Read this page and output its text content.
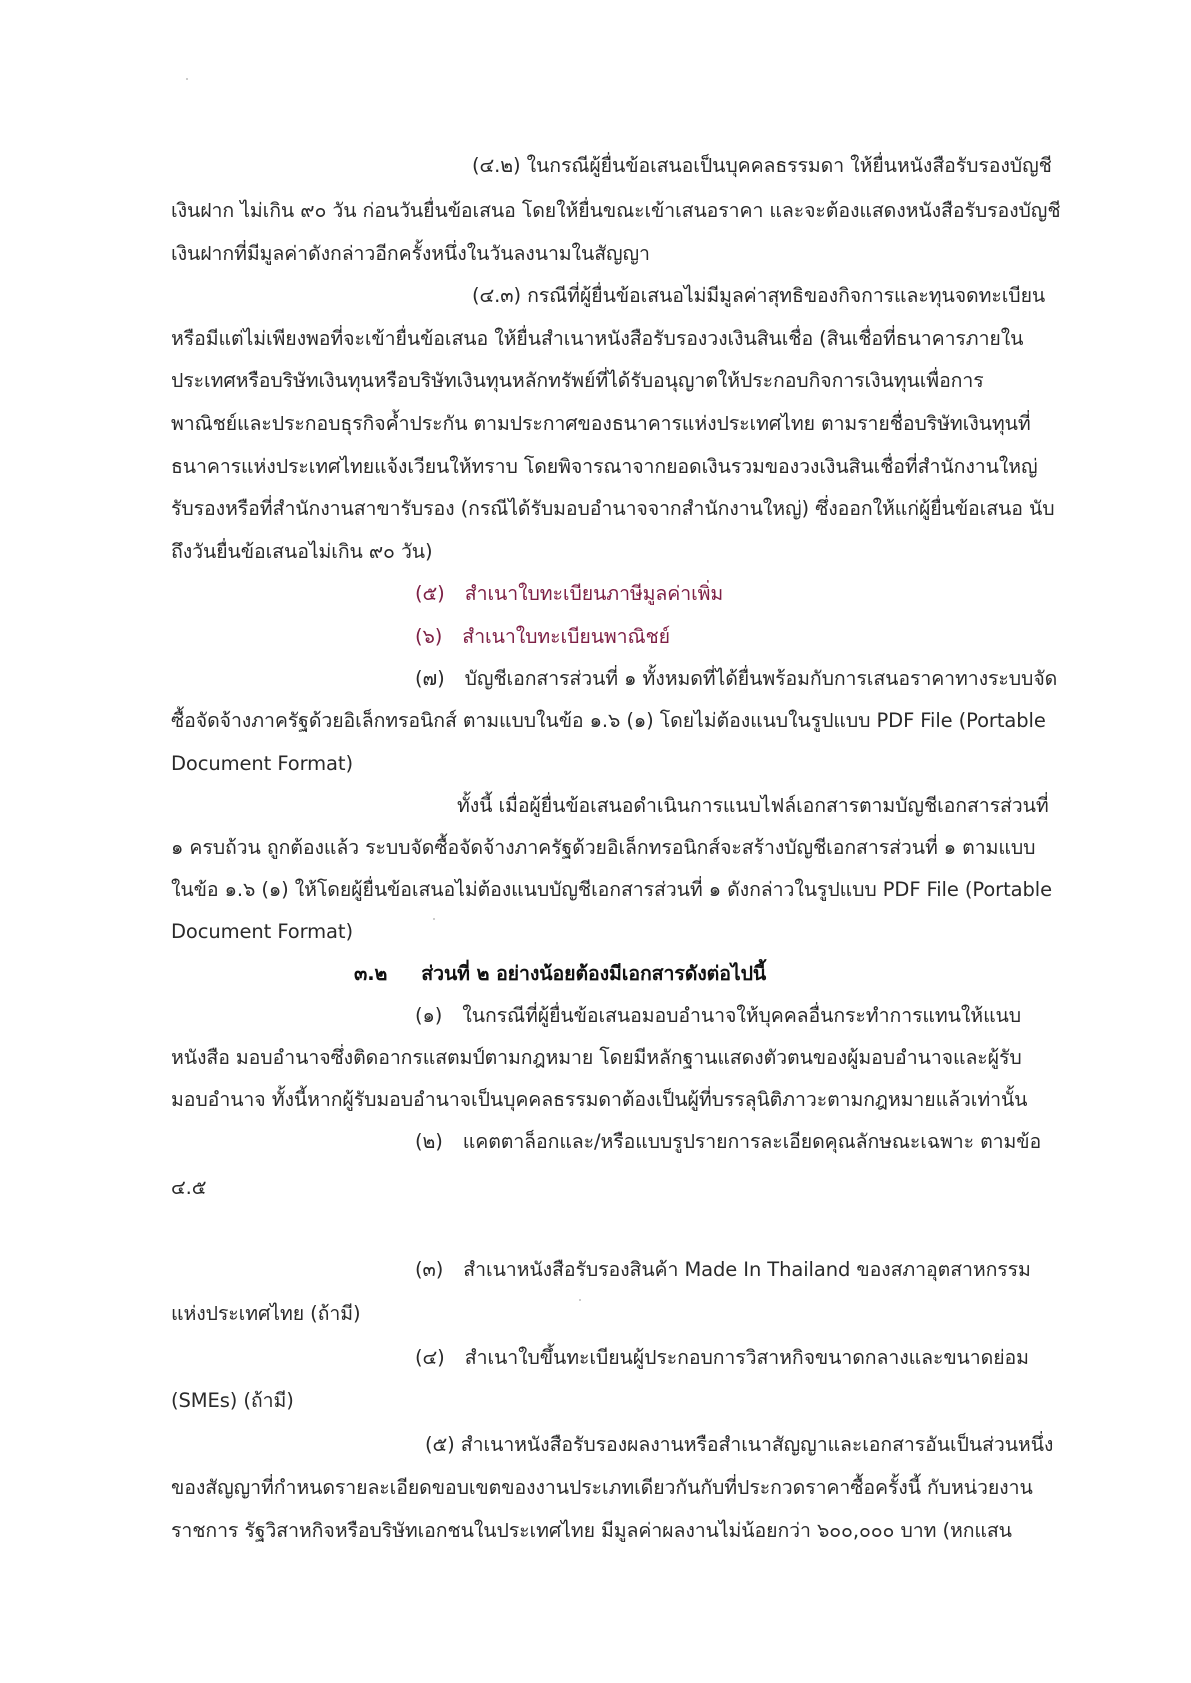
(๔.๒) ในกรณีผู้ยื่นข้อเสนอเป็นบุคคลธรรมดา ให้ยื่นหนังสือรับรองบัญชี
เงินฝาก ไม่เกิน ๙๐ วัน ก่อนวันยื่นข้อเสนอ โดยให้ยื่นขณะเข้าเสนอราคา และจะต้องแสดงหนังสือรับรองบัญชี
เงินฝากที่มีมูลค่าดังกล่าวอีกครั้งหนึ่งในวันลงนามในสัญญา
(๔.๓) กรณีที่ผู้ยื่นข้อเสนอไม่มีมูลค่าสุทธิของกิจการและทุนจดทะเบียน
หรือมีแต่ไม่เพียงพอที่จะเข้ายื่นข้อเสนอ ให้ยื่นสำเนาหนังสือรับรองวงเงินสินเชื่อ (สินเชื่อที่ธนาคารภายใน
ประเทศหรือบริษัทเงินทุนหรือบริษัทเงินทุนหลักทรัพย์ที่ได้รับอนุญาตให้ประกอบกิจการเงินทุนเพื่อการ
พาณิชย์และประกอบธุรกิจค้ำประกัน ตามประกาศของธนาคารแห่งประเทศไทย ตามรายชื่อบริษัทเงินทุนที่
ธนาคารแห่งประเทศไทยแจ้งเวียนให้ทราบ โดยพิจารณาจากยอดเงินรวมของวงเงินสินเชื่อที่สำนักงานใหญ่
รับรองหรือที่สำนักงานสาขารับรอง (กรณีได้รับมอบอำนาจจากสำนักงานใหญ่) ซึ่งออกให้แก่ผู้ยื่นข้อเสนอ นับ
ถึงวันยื่นข้อเสนอไม่เกิน ๙๐ วัน)
(๕) สำเนาใบทะเบียนภาษีมูลค่าเพิ่ม
(๖) สำเนาใบทะเบียนพาณิชย์
(๗) บัญชีเอกสารส่วนที่ ๑ ทั้งหมดที่ได้ยื่นพร้อมกับการเสนอราคาทางระบบจัด
ซื้อจัดจ้างภาครัฐด้วยอิเล็กทรอนิกส์ ตามแบบในข้อ ๑.๖ (๑) โดยไม่ต้องแนบในรูปแบบ PDF File (Portable
Document Format)
ทั้งนี้ เมื่อผู้ยื่นข้อเสนอดำเนินการแนบไฟล์เอกสารตามบัญชีเอกสารส่วนที่
๑ ครบถ้วน ถูกต้องแล้ว ระบบจัดซื้อจัดจ้างภาครัฐด้วยอิเล็กทรอนิกส์จะสร้างบัญชีเอกสารส่วนที่ ๑ ตามแบบ
ในข้อ ๑.๖ (๑) ให้โดยผู้ยื่นข้อเสนอไม่ต้องแนบบัญชีเอกสารส่วนที่ ๑ ดังกล่าวในรูปแบบ PDF File (Portable
Document Format)
๓.๒ ส่วนที่ ๒ อย่างน้อยต้องมีเอกสารดังต่อไปนี้
(๑) ในกรณีที่ผู้ยื่นข้อเสนอมอบอำนาจให้บุคคลอื่นกระทำการแทนให้แนบ
หนังสือ มอบอำนาจซึ่งติดอากรแสตมป์ตามกฎหมาย โดยมีหลักฐานแสดงตัวตนของผู้มอบอำนาจและผู้รับ
มอบอำนาจ ทั้งนี้หากผู้รับมอบอำนาจเป็นบุคคลธรรมดาต้องเป็นผู้ที่บรรลุนิติภาวะตามกฎหมายแล้วเท่านั้น
(๒) แคตตาล็อกและ/หรือแบบรูปรายการละเอียดคุณลักษณะเฉพาะ ตามข้อ
๔.๕
(๓) สำเนาหนังสือรับรองสินค้า Made In Thailand ของสภาอุตสาหกรรม
แห่งประเทศไทย (ถ้ามี)
(๔) สำเนาใบขึ้นทะเบียนผู้ประกอบการวิสาหกิจขนาดกลางและขนาดย่อม
(SMEs) (ถ้ามี)
(๕) สำเนาหนังสือรับรองผลงานหรือสำเนาสัญญาและเอกสารอันเป็นส่วนหนึ่ง
ของสัญญาที่กำหนดรายละเอียดขอบเขตของงานประเภทเดียวกันกับที่ประกวดราคาซื้อครั้งนี้ กับหน่วยงาน
ราชการ รัฐวิสาหกิจหรือบริษัทเอกชนในประเทศไทย มีมูลค่าผลงานไม่น้อยกว่า ๖๐๐,๐๐๐ บาท (หกแสน
